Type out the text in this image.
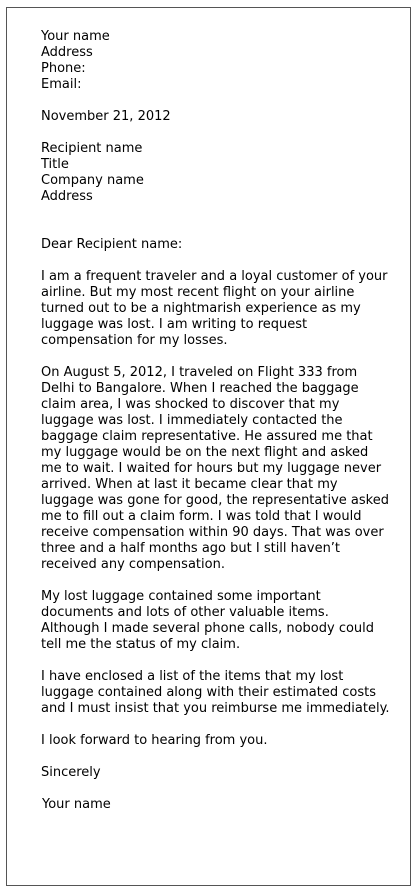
Your name
Address
Phone:
Email:
November 21, 2012
Recipient name
Title
Company name
Address
Dear Recipient name:
I am a frequent traveler and a loyal customer of your airline. But my most recent flight on your airline turned out to be a nightmarish experience as my luggage was lost. I am writing to request compensation for my losses.
On August 5, 2012, I traveled on Flight 333 from Delhi to Bangalore. When I reached the baggage claim area, I was shocked to discover that my luggage was lost. I immediately contacted the baggage claim representative. He assured me that my luggage would be on the next flight and asked me to wait. I waited for hours but my luggage never arrived. When at last it became clear that my luggage was gone for good, the representative asked me to fill out a claim form. I was told that I would receive compensation within 90 days. That was over three and a half months ago but I still haven’t received any compensation.
My lost luggage contained some important documents and lots of other valuable items. Although I made several phone calls, nobody could tell me the status of my claim.
I have enclosed a list of the items that my lost luggage contained along with their estimated costs and I must insist that you reimburse me immediately.
I look forward to hearing from you.
Sincerely
Your name
